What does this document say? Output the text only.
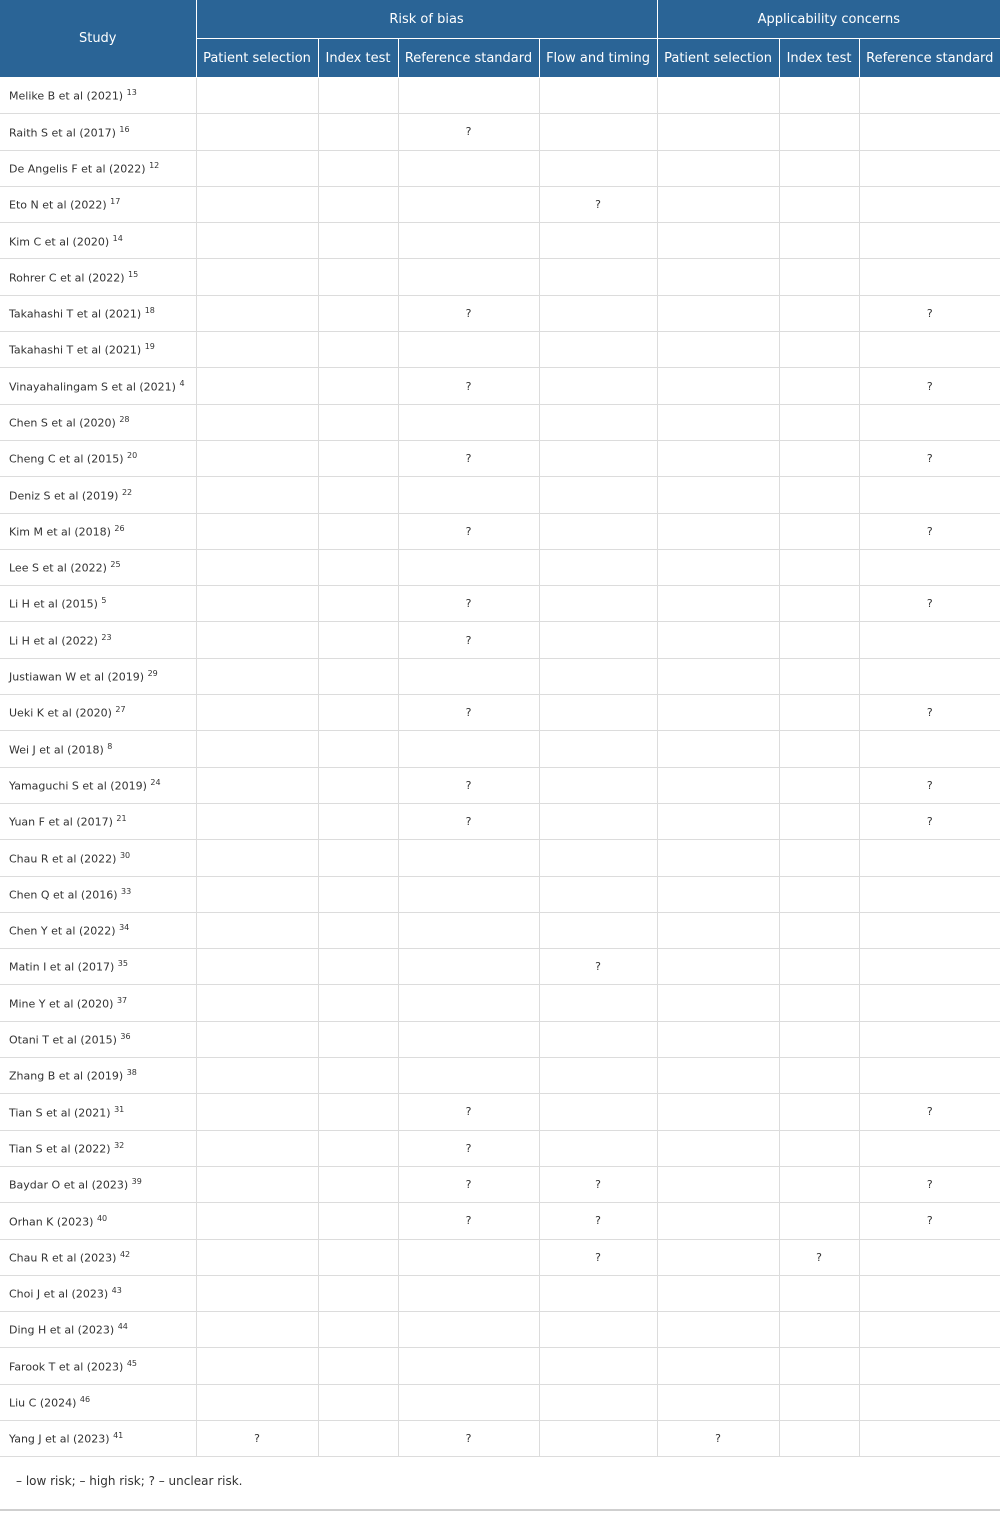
Study	Risk of bias				Applicability concerns		
	Patient selection	Index test	Reference standard	Flow and timing	Patient selection	Index test	Reference standard
Melike B et al (2021) $^{13}$							
Raith S et al (2017) $^{16}$			?				
De Angelis F et al (2022) $^{12}$							
Eto N et al (2022) $^{17}$				?			
Kim C et al (2020) $^{14}$							
Rohrer C et al (2022) $^{15}$							
Takahashi T et al (2021) $^{18}$			?				?
Takahashi T et al (2021) $^{19}$							
Vinayahalingam S et al (2021) $^4$			?				?
Chen S et al (2020) $^{28}$							
Cheng C et al (2015) $^{20}$			?				?
Deniz S et al (2019) $^{22}$							
Kim M et al (2018) $^{26}$			?				?
Lee S et al (2022) $^{25}$							
Li H et al (2015) $^5$			?				?
Li H et al (2022) $^{23}$			?				
Justiawan W et al (2019) $^{29}$							
Ueki K et al (2020) $^{27}$			?				?
Wei J et al (2018) $^8$							
Yamaguchi S et al (2019) $^{24}$			?				?
Yuan F et al (2017) $^{21}$			?				?
Chau R et al (2022) $^{30}$							
Chen Q et al (2016) $^{33}$							
Chen Y et al (2022) $^{34}$							
Matin I et al (2017) $^{35}$				?			
Mine Y et al (2020) $^{37}$							
Otani T et al (2015) $^{36}$							
Zhang B et al (2019) $^{38}$							
Tian S et al (2021) $^{31}$			?				?
Tian S et al (2022) $^{32}$			?				
Baydar O et al (2023) $^{39}$			?	?			?
Orhan K (2023) $^{40}$			?	?			?
Chau R et al (2023) $^{42}$				?		?	
Choi J et al (2023) $^{43}$							
Ding H et al (2023) $^{44}$							
Farook T et al (2023) $^{45}$							
Liu C (2024) $^{46}$							
Yang J et al (2023) $^{41}$	?		?		?		
– low risk; – high risk; ? – unclear risk.
